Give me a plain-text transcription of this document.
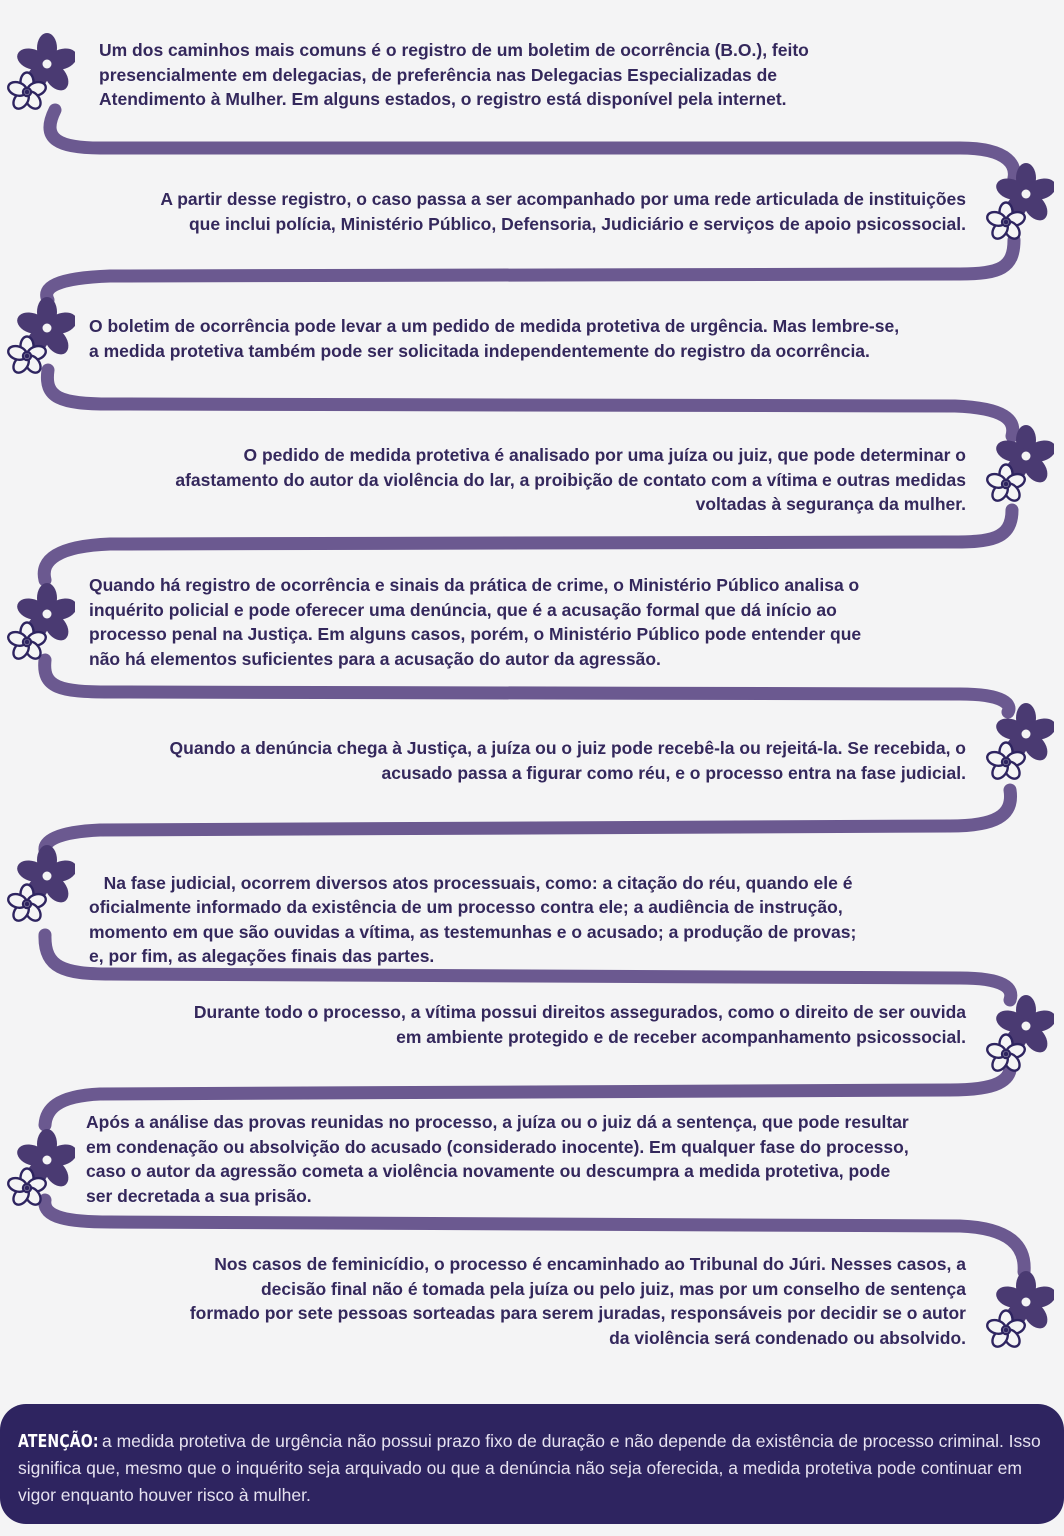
Um dos caminhos mais comuns é o registro de um boletim de ocorrência (B.O.), feito
presencialmente em delegacias, de preferência nas Delegacias Especializadas de
Atendimento à Mulher. Em alguns estados, o registro está disponível pela internet.

A partir desse registro, o caso passa a ser acompanhado por uma rede articulada de instituições
que inclui polícia, Ministério Público, Defensoria, Judiciário e serviços de apoio psicossocial.

O boletim de ocorrência pode levar a um pedido de medida protetiva de urgência. Mas lembre-se,
a medida protetiva também pode ser solicitada independentemente do registro da ocorrência.

O pedido de medida protetiva é analisado por uma juíza ou juiz, que pode determinar o
afastamento do autor da violência do lar, a proibição de contato com a vítima e outras medidas
voltadas à segurança da mulher.

Quando há registro de ocorrência e sinais da prática de crime, o Ministério Público analisa o
inquérito policial e pode oferecer uma denúncia, que é a acusação formal que dá início ao
processo penal na Justiça. Em alguns casos, porém, o Ministério Público pode entender que
não há elementos suficientes para a acusação do autor da agressão.

Quando a denúncia chega à Justiça, a juíza ou o juiz pode recebê-la ou rejeitá-la. Se recebida, o
acusado passa a figurar como réu, e o processo entra na fase judicial.

Na fase judicial, ocorrem diversos atos processuais, como: a citação do réu, quando ele é
oficialmente informado da existência de um processo contra ele; a audiência de instrução,
momento em que são ouvidas a vítima, as testemunhas e o acusado; a produção de provas;
e, por fim, as alegações finais das partes.

Durante todo o processo, a vítima possui direitos assegurados, como o direito de ser ouvida
em ambiente protegido e de receber acompanhamento psicossocial.

Após a análise das provas reunidas no processo, a juíza ou o juiz dá a sentença, que pode resultar
em condenação ou absolvição do acusado (considerado inocente). Em qualquer fase do processo,
caso o autor da agressão cometa a violência novamente ou descumpra a medida protetiva, pode
ser decretada a sua prisão.

Nos casos de feminicídio, o processo é encaminhado ao Tribunal do Júri. Nesses casos, a
decisão final não é tomada pela juíza ou pelo juiz, mas por um conselho de sentença
formado por sete pessoas sorteadas para serem juradas, responsáveis por decidir se o autor
da violência será condenado ou absolvido.

ATENÇÃO: a medida protetiva de urgência não possui prazo fixo de duração e não depende da existência de processo criminal. Isso significa que, mesmo que o inquérito seja arquivado ou que a denúncia não seja oferecida, a medida protetiva pode continuar em vigor enquanto houver risco à mulher.
